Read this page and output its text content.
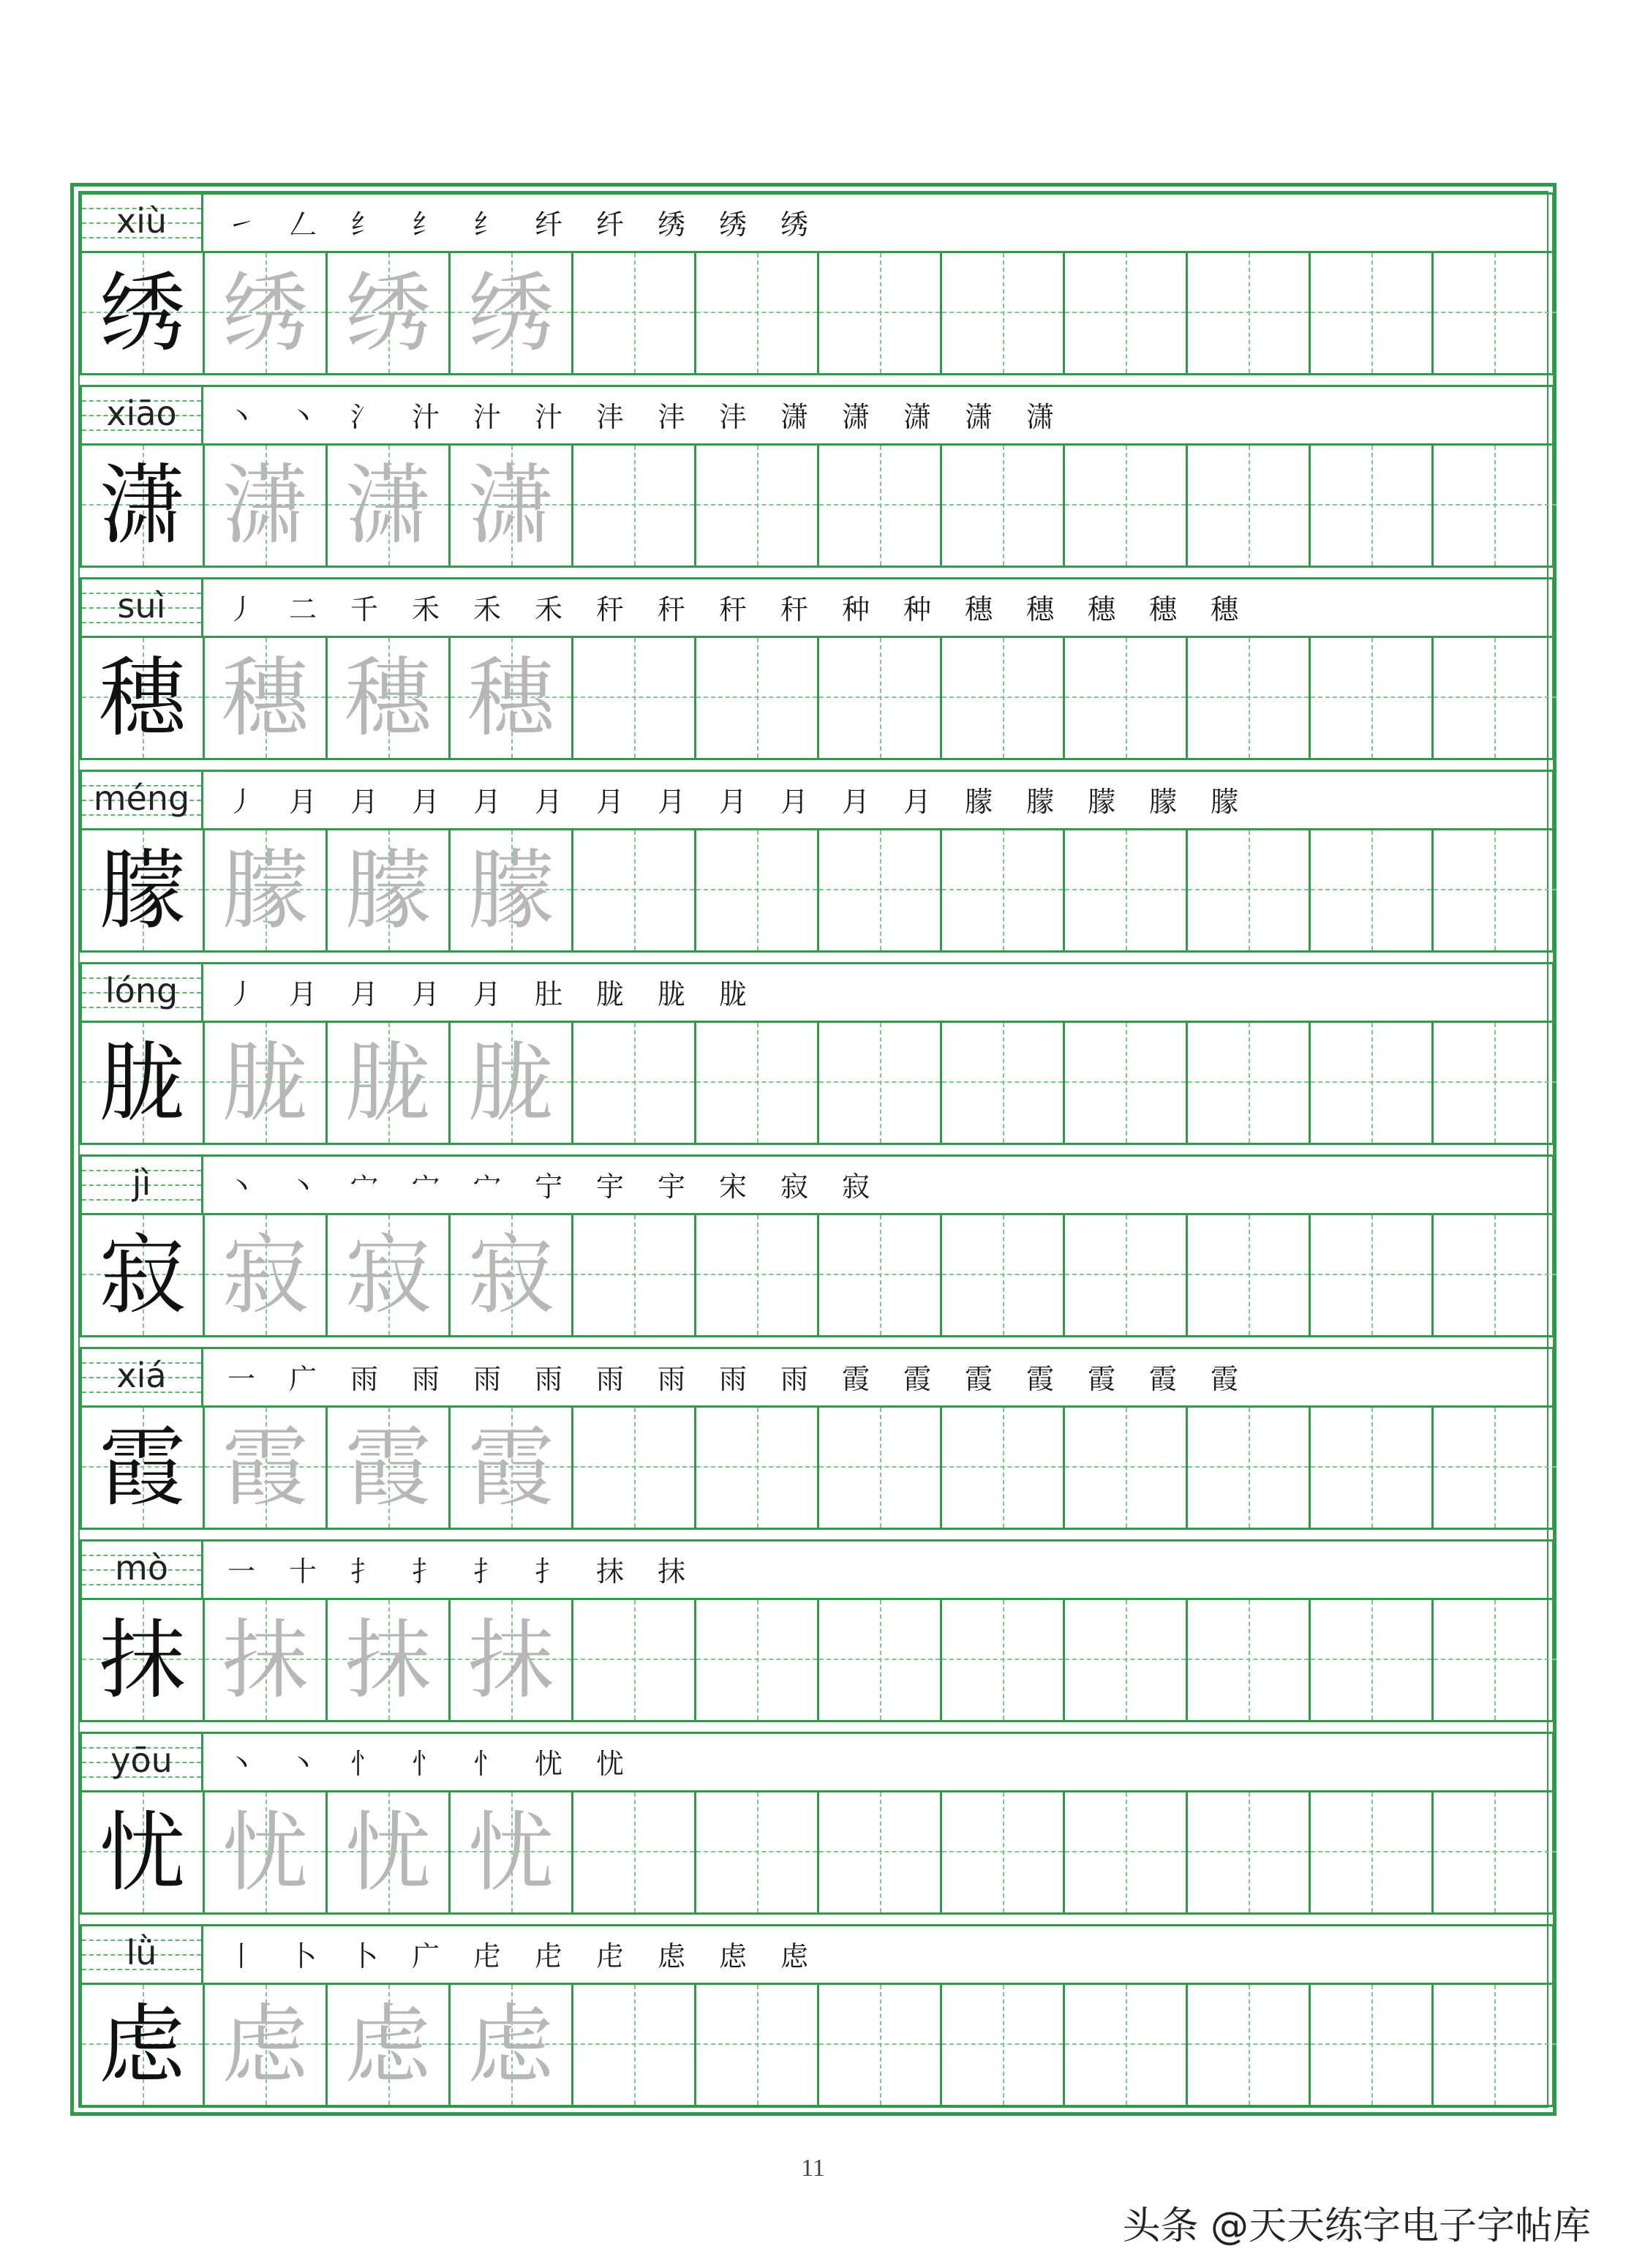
xiù	㇀	𠃋	纟	纟	纟	纤	纤	绣	绣	绣
绣 绣 绣 绣
xiāo	丶	丶	氵	汁	汁	汁	沣	沣	沣	潇	潇	潇	潇	潇
潇 潇 潇 潇
suì	丿	二	千	禾	禾	禾	秆	秆	秆	秆	种	种	穗	穗	穗	穗	穗
穗 穗 穗 穗
méng	丿	月	月	月	月	月	月	月	月	月	月	月	朦	朦	朦	朦	朦
朦 朦 朦 朦
lóng	丿	月	月	月	月	肚	胧	胧	胧
胧 胧 胧 胧
jì	丶	丶	宀	宀	宀	宁	宇	宇	宋	寂	寂
寂 寂 寂 寂
xiá	一	广	雨	雨	雨	雨	雨	雨	雨	雨	霞	霞	霞	霞	霞	霞	霞
霞 霞 霞 霞
mò	一	十	扌	扌	扌	扌	抹	抹
抹 抹 抹 抹
yōu	丶	丶	忄	忄	忄	忧	忧
忧 忧 忧 忧
lǜ	丨	卜	卜	广	虍	虍	虍	虑	虑	虑
虑 虑 虑 虑
11
头条 @天天练字电子字帖库
